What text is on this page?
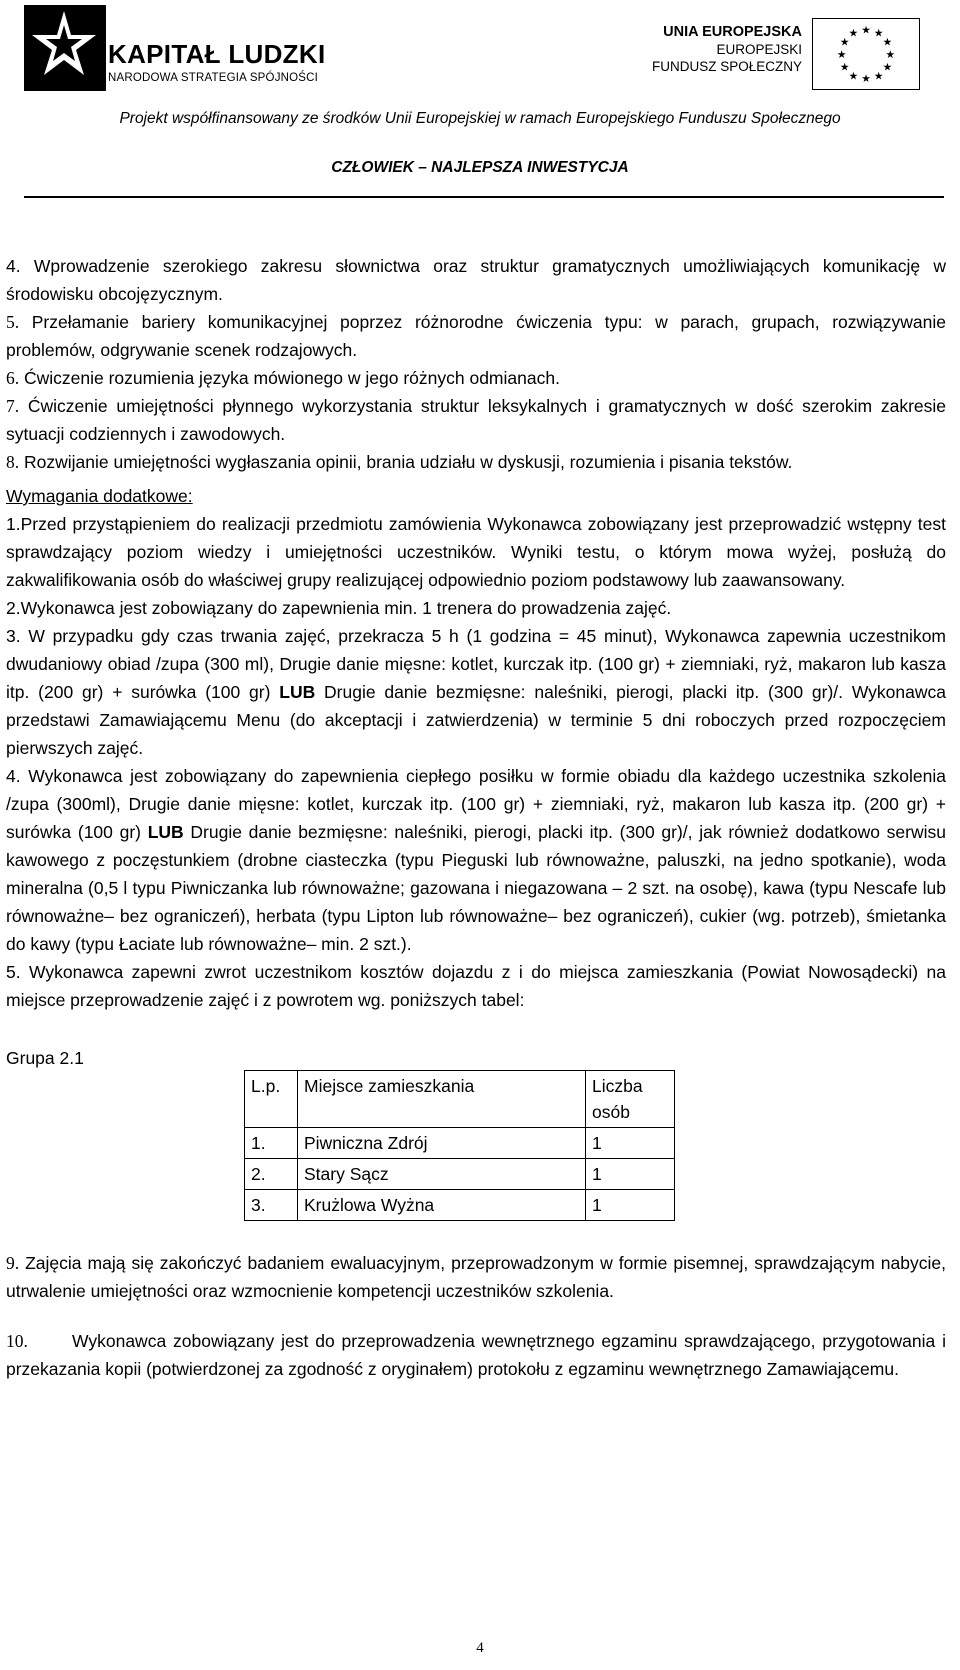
KAPITAŁ LUDZKI
NARODOWA STRATEGIA SPÓJNOŚCI
UNIA EUROPEJSKA
EUROPEJSKI
FUNDUSZ SPOŁECZNY
★ ★
★
★
★
★
★
★
★
★
★
★
Projekt współfinansowany ze środków Unii Europejskiej w ramach Europejskiego Funduszu Społecznego
CZŁOWIEK – NAJLEPSZA INWESTYCJA

4. Wprowadzenie szerokiego zakresu słownictwa oraz struktur gramatycznych umożliwiających komunikację w środowisku obcojęzycznym.

5. Przełamanie bariery komunikacyjnej poprzez różnorodne ćwiczenia typu: w parach, grupach, rozwiązywanie problemów, odgrywanie scenek rodzajowych.

6. Ćwiczenie rozumienia języka mówionego w jego różnych odmianach.

7. Ćwiczenie umiejętności płynnego wykorzystania struktur leksykalnych i gramatycznych w dość szerokim zakresie sytuacji codziennych i zawodowych.

8. Rozwijanie umiejętności wygłaszania opinii, brania udziału w dyskusji, rozumienia i pisania tekstów.

Wymagania dodatkowe:

1.Przed przystąpieniem do realizacji przedmiotu zamówienia Wykonawca zobowiązany jest przeprowadzić wstępny test sprawdzający poziom wiedzy i umiejętności uczestników. Wyniki testu, o którym mowa wyżej, posłużą do zakwalifikowania osób do właściwej grupy realizującej odpowiednio poziom podstawowy lub zaawansowany.

2.Wykonawca jest zobowiązany do zapewnienia min. 1 trenera do prowadzenia zajęć.

3. W przypadku gdy czas trwania zajęć, przekracza 5 h (1 godzina = 45 minut), Wykonawca zapewnia uczestnikom dwudaniowy obiad /zupa (300 ml), Drugie danie mięsne: kotlet, kurczak itp. (100 gr) + ziemniaki, ryż, makaron lub kasza itp. (200 gr) + surówka (100 gr) LUB Drugie danie bezmięsne: naleśniki, pierogi, placki itp. (300 gr)/. Wykonawca przedstawi Zamawiającemu Menu (do akceptacji i zatwierdzenia) w terminie 5 dni roboczych przed rozpoczęciem pierwszych zajęć.

4. Wykonawca jest zobowiązany do zapewnienia ciepłego posiłku w formie obiadu dla każdego uczestnika szkolenia /zupa (300ml), Drugie danie mięsne: kotlet, kurczak itp. (100 gr) + ziemniaki, ryż, makaron lub kasza itp. (200 gr) + surówka (100 gr) LUB Drugie danie bezmięsne: naleśniki, pierogi, placki itp. (300 gr)/, jak również dodatkowo serwisu kawowego z poczęstunkiem (drobne ciasteczka (typu Pieguski lub równoważne, paluszki, na jedno spotkanie), woda mineralna (0,5 l typu Piwniczanka lub równoważne; gazowana i niegazowana – 2 szt. na osobę), kawa (typu Nescafe lub równoważne– bez ograniczeń), herbata (typu Lipton lub równoważne– bez ograniczeń), cukier (wg. potrzeb), śmietanka do kawy (typu Łaciate lub równoważne– min. 2 szt.).

5. Wykonawca zapewni zwrot uczestnikom kosztów dojazdu z i do miejsca zamieszkania (Powiat Nowosądecki) na miejsce przeprowadzenie zajęć i z powrotem wg. poniższych tabel:

Grupa 2.1

L.p.	Miejsce zamieszkania	Liczba osób
1.	Piwniczna Zdrój	1
2.	Stary Sącz	1
3.	Krużlowa Wyżna	1

9. Zajęcia mają się zakończyć badaniem ewaluacyjnym, przeprowadzonym w formie pisemnej, sprawdzającym nabycie, utrwalenie umiejętności oraz wzmocnienie kompetencji uczestników szkolenia.

10.	Wykonawca zobowiązany jest do przeprowadzenia wewnętrznego egzaminu sprawdzającego, przygotowania i przekazania kopii (potwierdzonej za zgodność z oryginałem) protokołu z egzaminu wewnętrznego Zamawiającemu.

4
